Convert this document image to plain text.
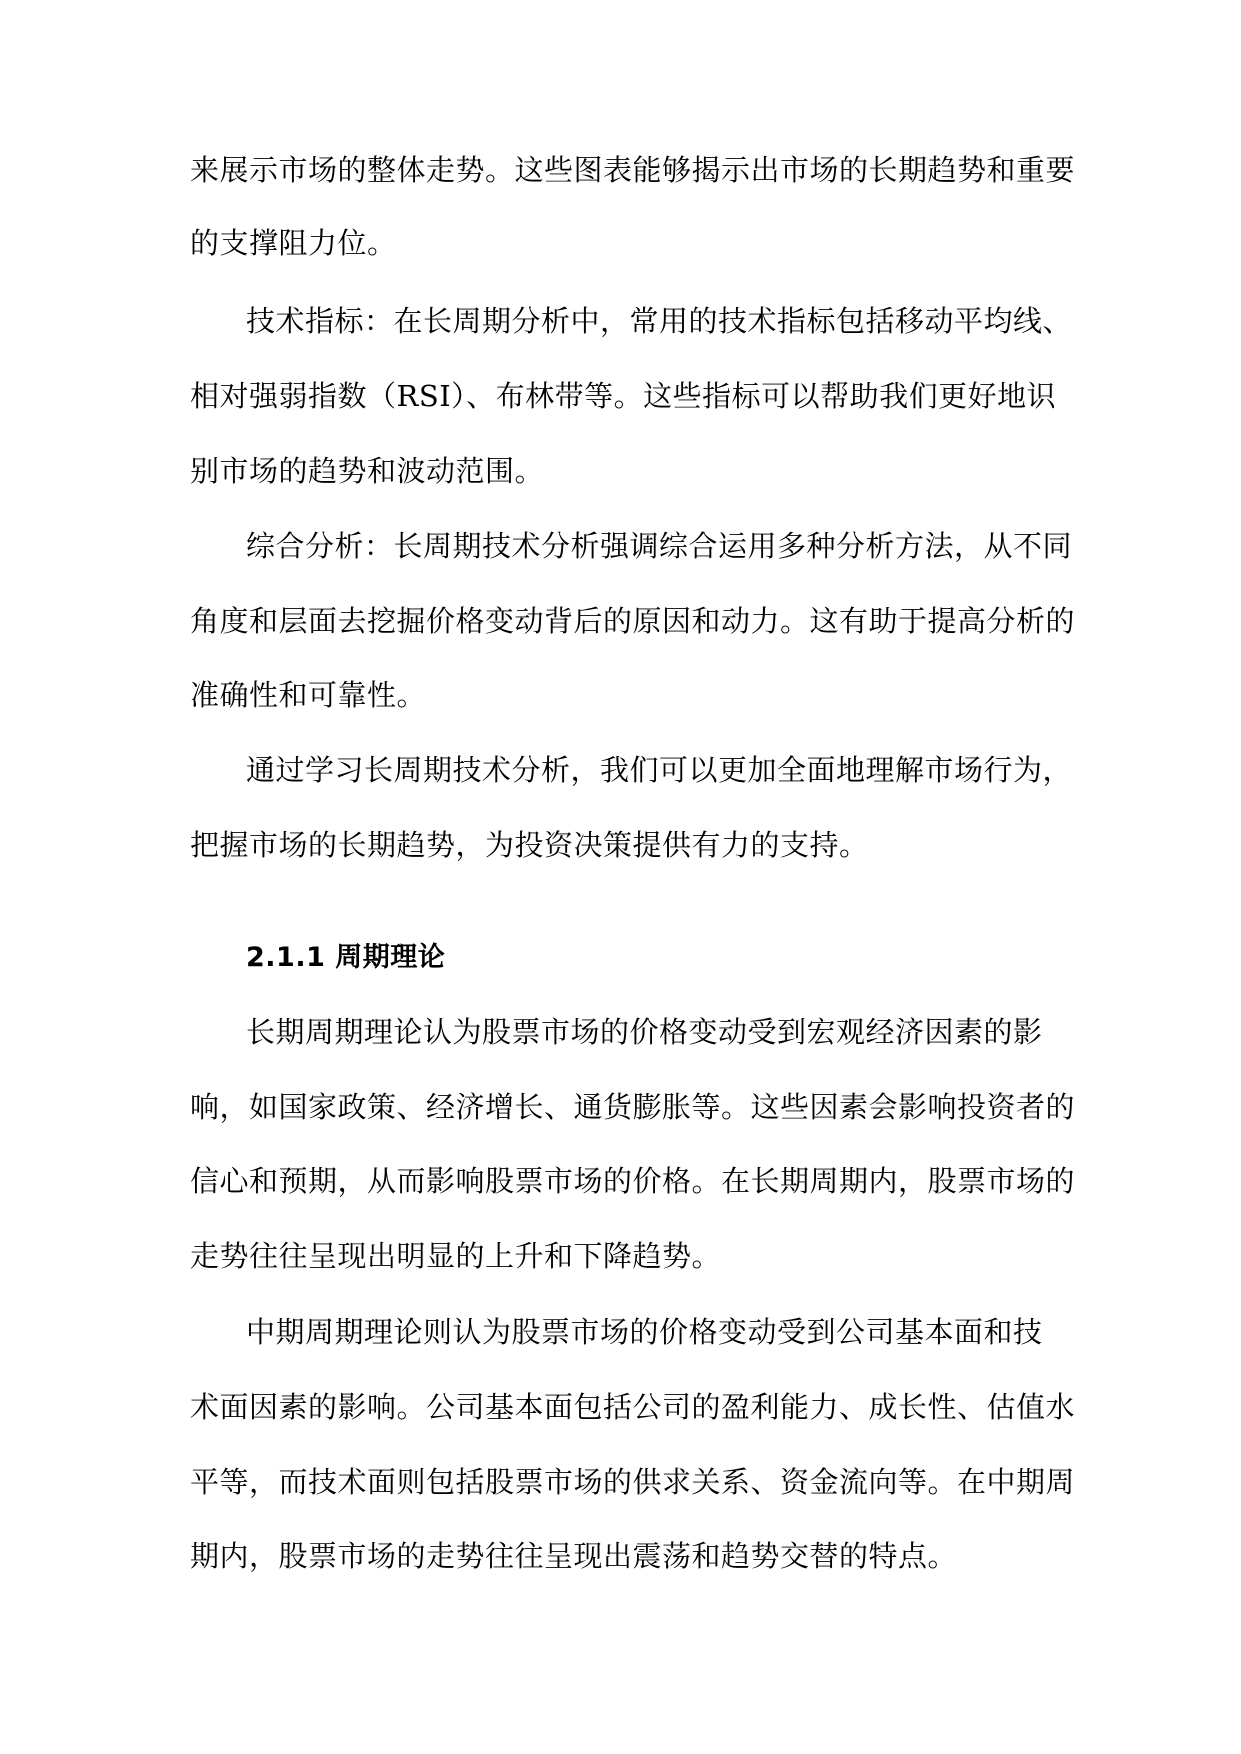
来展示市场的整体走势。这些图表能够揭示出市场的长期趋势和重要
的支撑阻力位。
技术指标：在长周期分析中，常用的技术指标包括移动平均线、
相对强弱指数（RSI）、布林带等。这些指标可以帮助我们更好地识
别市场的趋势和波动范围。
综合分析：长周期技术分析强调综合运用多种分析方法，从不同
角度和层面去挖掘价格变动背后的原因和动力。这有助于提高分析的
准确性和可靠性。
通过学习长周期技术分析，我们可以更加全面地理解市场行为，
把握市场的长期趋势，为投资决策提供有力的支持。
2.1.1 周期理论
长期周期理论认为股票市场的价格变动受到宏观经济因素的影
响，如国家政策、经济增长、通货膨胀等。这些因素会影响投资者的
信心和预期，从而影响股票市场的价格。在长期周期内，股票市场的
走势往往呈现出明显的上升和下降趋势。
中期周期理论则认为股票市场的价格变动受到公司基本面和技
术面因素的影响。公司基本面包括公司的盈利能力、成长性、估值水
平等，而技术面则包括股票市场的供求关系、资金流向等。在中期周
期内，股票市场的走势往往呈现出震荡和趋势交替的特点。
